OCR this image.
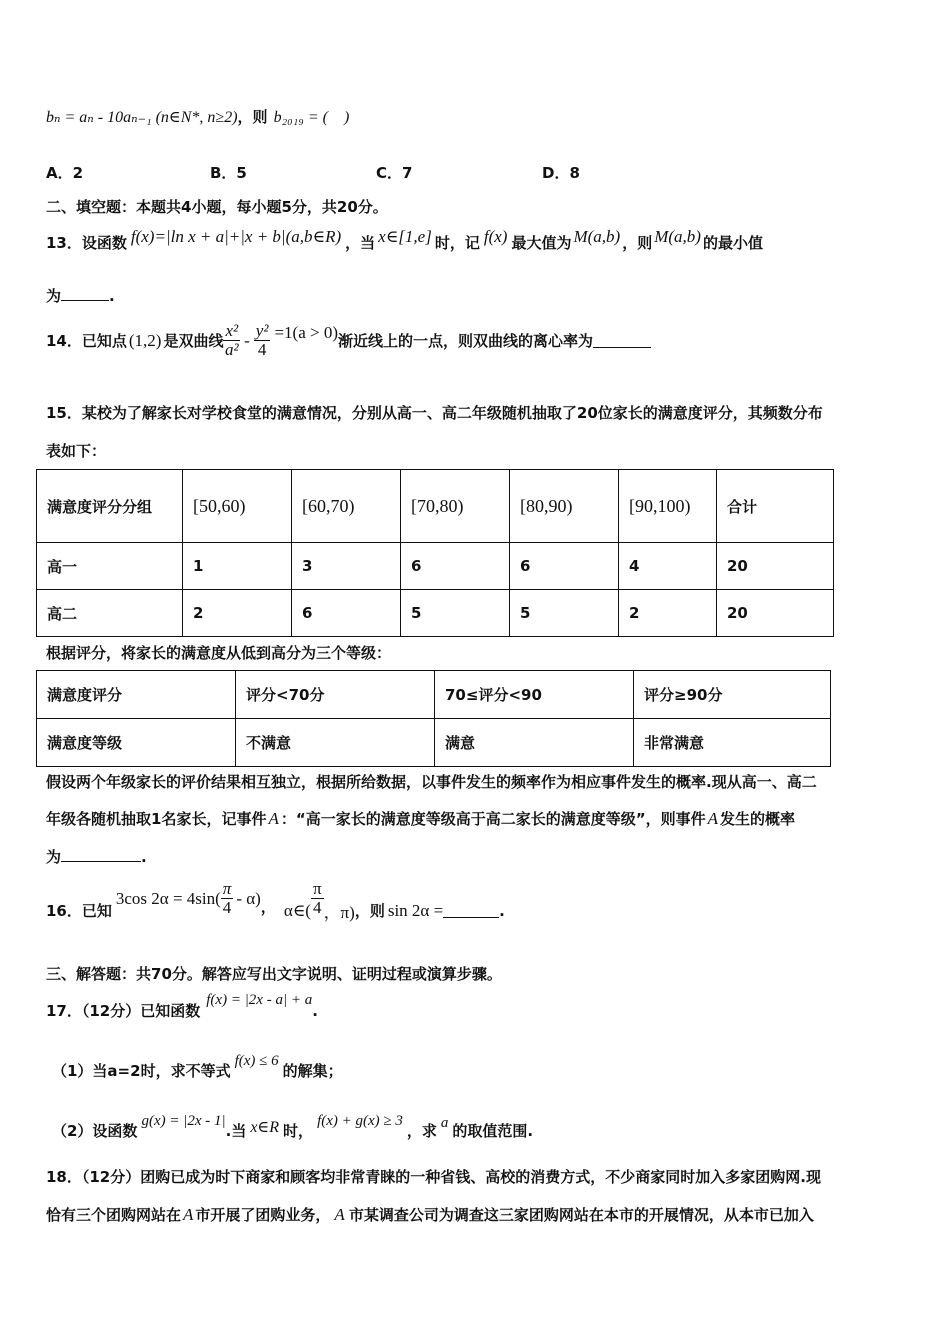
bₙ = aₙ - 10aₙ₋₁ (n∈N*, n≥2)，则 b₂₀₁₉ = (　)
A．2	B．5	C．7	D．8
二、填空题：本题共4小题，每小题5分，共20分。
13．设函数 f(x)=|ln x + a|+|x + b|(a,b∈R) ，当 x∈[1,e] 时，记 f(x) 最大值为 M(a,b) ，则 M(a,b) 的最小值
为	.
14．已知点 (1,2) 是双曲线 $\frac{\text{x²}}{\text{a²}} - \frac{\text{y²}}{4} =1(a > 0)$ 渐近线上的一点，则双曲线的离心率为
15．某校为了解家长对学校食堂的满意情况，分别从高一、高二年级随机抽取了20位家长的满意度评分，其频数分布
表如下：
满意度评分分组	[50,60)	[60,70)	[70,80)	[80,90)	[90,100)	合计
高一	1	3	6	6	4	20
高二	2	6	5	5	2	20
根据评分，将家长的满意度从低到高分为三个等级：
满意度评分	评分<70分	70≤评分<90	评分≥90分
满意度等级	不满意	满意	非常满意
假设两个年级家长的评价结果相互独立，根据所给数据，以事件发生的频率作为相应事件发生的概率.现从高一、高二
年级各随机抽取1名家长，记事件 A ：“高一家长的满意度等级高于高二家长的满意度等级”，则事件 A 发生的概率
为	.
16．已知
3cos $2\alpha = 4\sin( \frac{\pi}{4} - \alpha)$ ， α∈( $\frac{\pi}{4}$ ，π) ，则 sin 2α =	.
三、解答题：共70分。解答应写出文字说明、证明过程或演算步骤。
17．（12分）已知函数f(x) = |2x - a| + a.
（1）当a=2时，求不等式f(x) ≤ 6的解集；
（2）设函数g(x) = |2x - 1|.当 x∈R 时，f(x) + g(x) ≥ 3，求 a 的取值范围.
18．（12分）团购已成为时下商家和顾客均非常青睐的一种省钱、高校的消费方式，不少商家同时加入多家团购网.现
恰有三个团购网站在 A 市开展了团购业务， A 市某调查公司为调查这三家团购网站在本市的开展情况，从本市已加入
